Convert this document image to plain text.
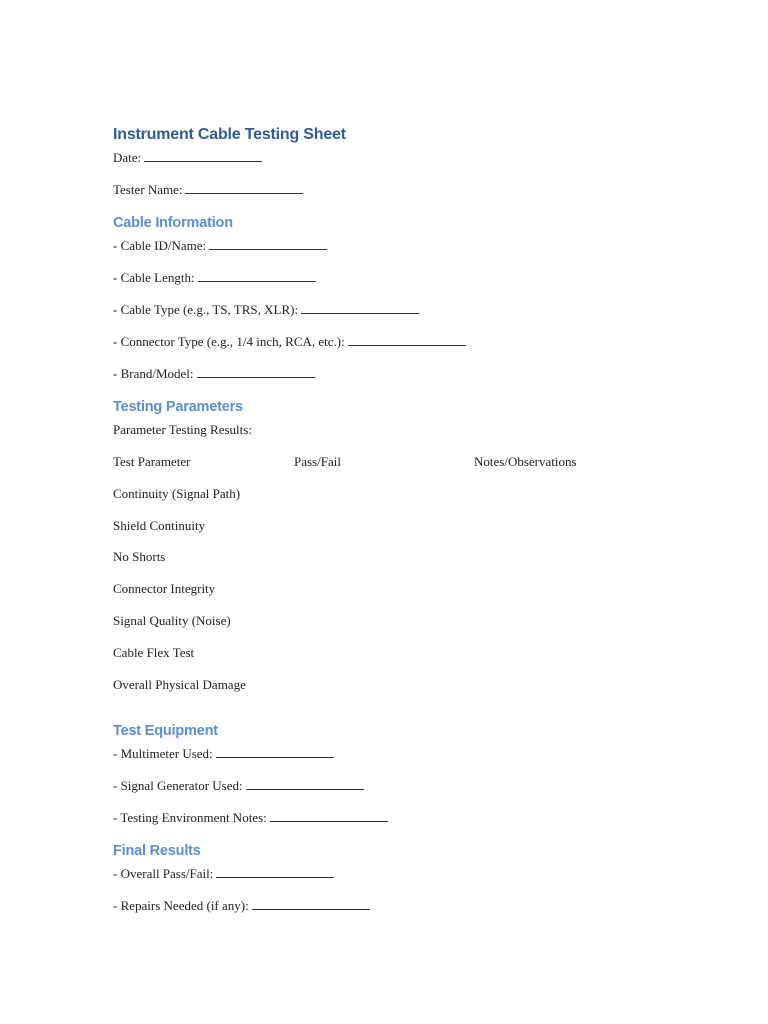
Instrument Cable Testing Sheet
Date:
Tester Name:
Cable Information
- Cable ID/Name:
- Cable Length:
- Cable Type (e.g., TS, TRS, XLR):
- Connector Type (e.g., 1/4 inch, RCA, etc.):
- Brand/Model:
Testing Parameters
Parameter Testing Results:
Test Parameter	Pass/Fail	Notes/Observations
Continuity (Signal Path)
Shield Continuity
No Shorts
Connector Integrity
Signal Quality (Noise)
Cable Flex Test
Overall Physical Damage
Test Equipment
- Multimeter Used:
- Signal Generator Used:
- Testing Environment Notes:
Final Results
- Overall Pass/Fail:
- Repairs Needed (if any):
